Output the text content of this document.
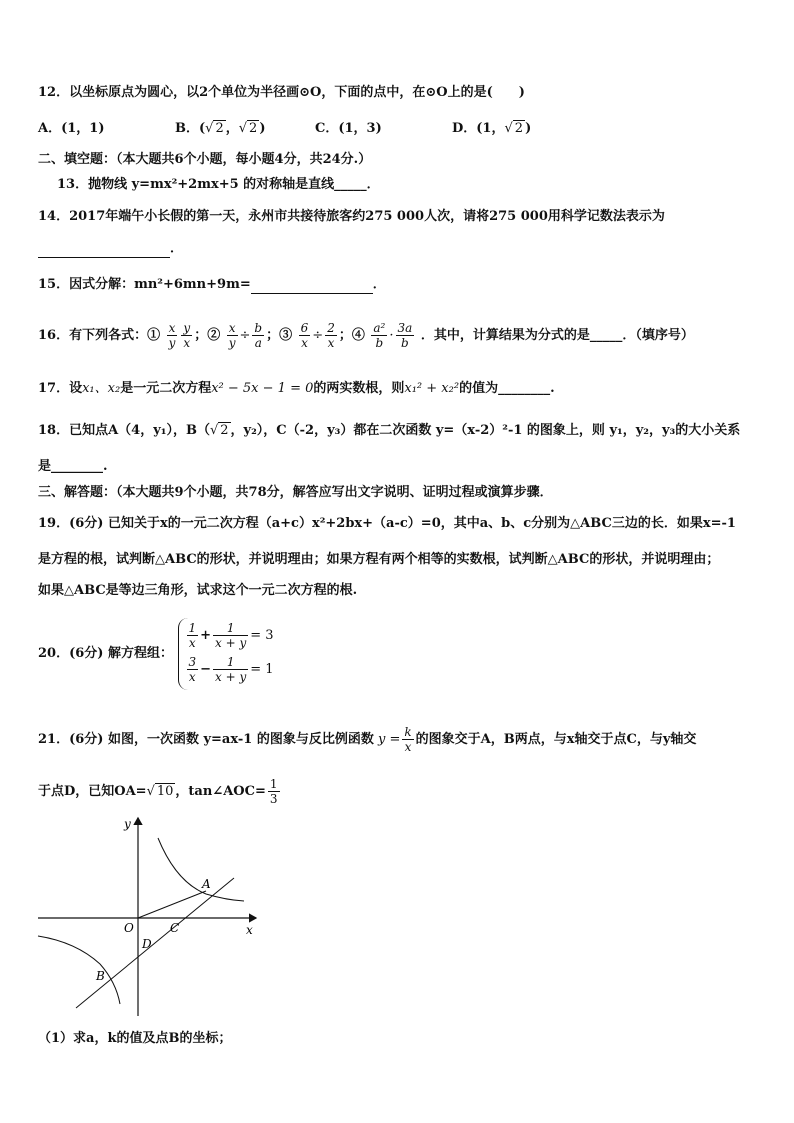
12．以坐标原点为圆心，以2个单位为半径画⊙O，下面的点中，在⊙O上的是(　　)
A．(1，1)	B．(√ 2 ，√ 2 )	C．(1，3)	D．(1，√ 2 )
二、填空题：（本大题共6个小题，每小题4分，共24分.）
13．抛物线 y=mx²+2mx+5 的对称轴是直线_____．
14．2017年端午小长假的第一天，永州市共接待旅客约275 000人次，请将275 000用科学记数法表示为
．
15．因式分解：mn²+6mn+9m=	．
16．有下列各式：① $\frac{x}{y} \frac{y}{x}$ ；② $\frac{x}{y} \div \frac{b}{a}$ ；③ $\frac{6}{x} \div \frac{2}{x}$ ；④ $\frac{\text{a²}}{b} \cdot \frac{3a}{b}$ ．其中，计算结果为分式的是_____．（填序号）
17．设x₁、x₂是一元二次方程x² − 5x − 1 = 0的两实数根，则x₁² + x₂²的值为________.
18．已知点A（4，y₁），B（√ 2 ，y₂），C（-2，y₃）都在二次函数 y=（x-2）²-1 的图象上，则 y₁，y₂，y₃的大小关系
是________.
三、解答题：（本大题共9个小题，共78分，解答应写出文字说明、证明过程或演算步骤．
19．(6分) 已知关于x的一元二次方程（a+c）x²+2bx+（a-c）=0，其中a、b、c分别为△ABC三边的长．如果x=-1
是方程的根，试判断△ABC的形状，并说明理由；如果方程有两个相等的实数根，试判断△ABC的形状，并说明理由；
如果△ABC是等边三角形，试求这个一元二次方程的根.
20．(6分) 解方程组：
$\frac{1}{x} + \frac{1}{x + y} = 3$
$\frac{3}{x} - \frac{1}{x + y} = 1$
21．(6分) 如图，一次函数 y=ax-1 的图象与反比例函数 $y = \frac{k}{x}$ 的图象交于A，B两点，与x轴交于点C，与y轴交
于点D，已知OA=√ 10 ，tan∠AOC= $\frac{1}{3}$
y
x
O	C
D
A
B
（1）求a，k的值及点B的坐标；
